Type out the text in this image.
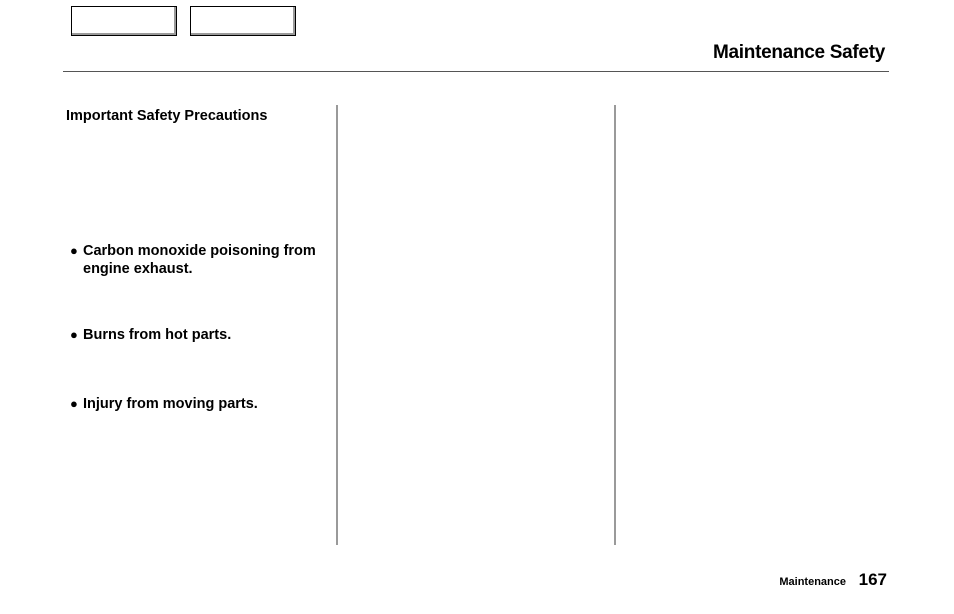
Maintenance Safety
Important Safety Precautions
● Carbon monoxide poisoning from engine exhaust.
● Burns from hot parts.
● Injury from moving parts.
Maintenance 167
